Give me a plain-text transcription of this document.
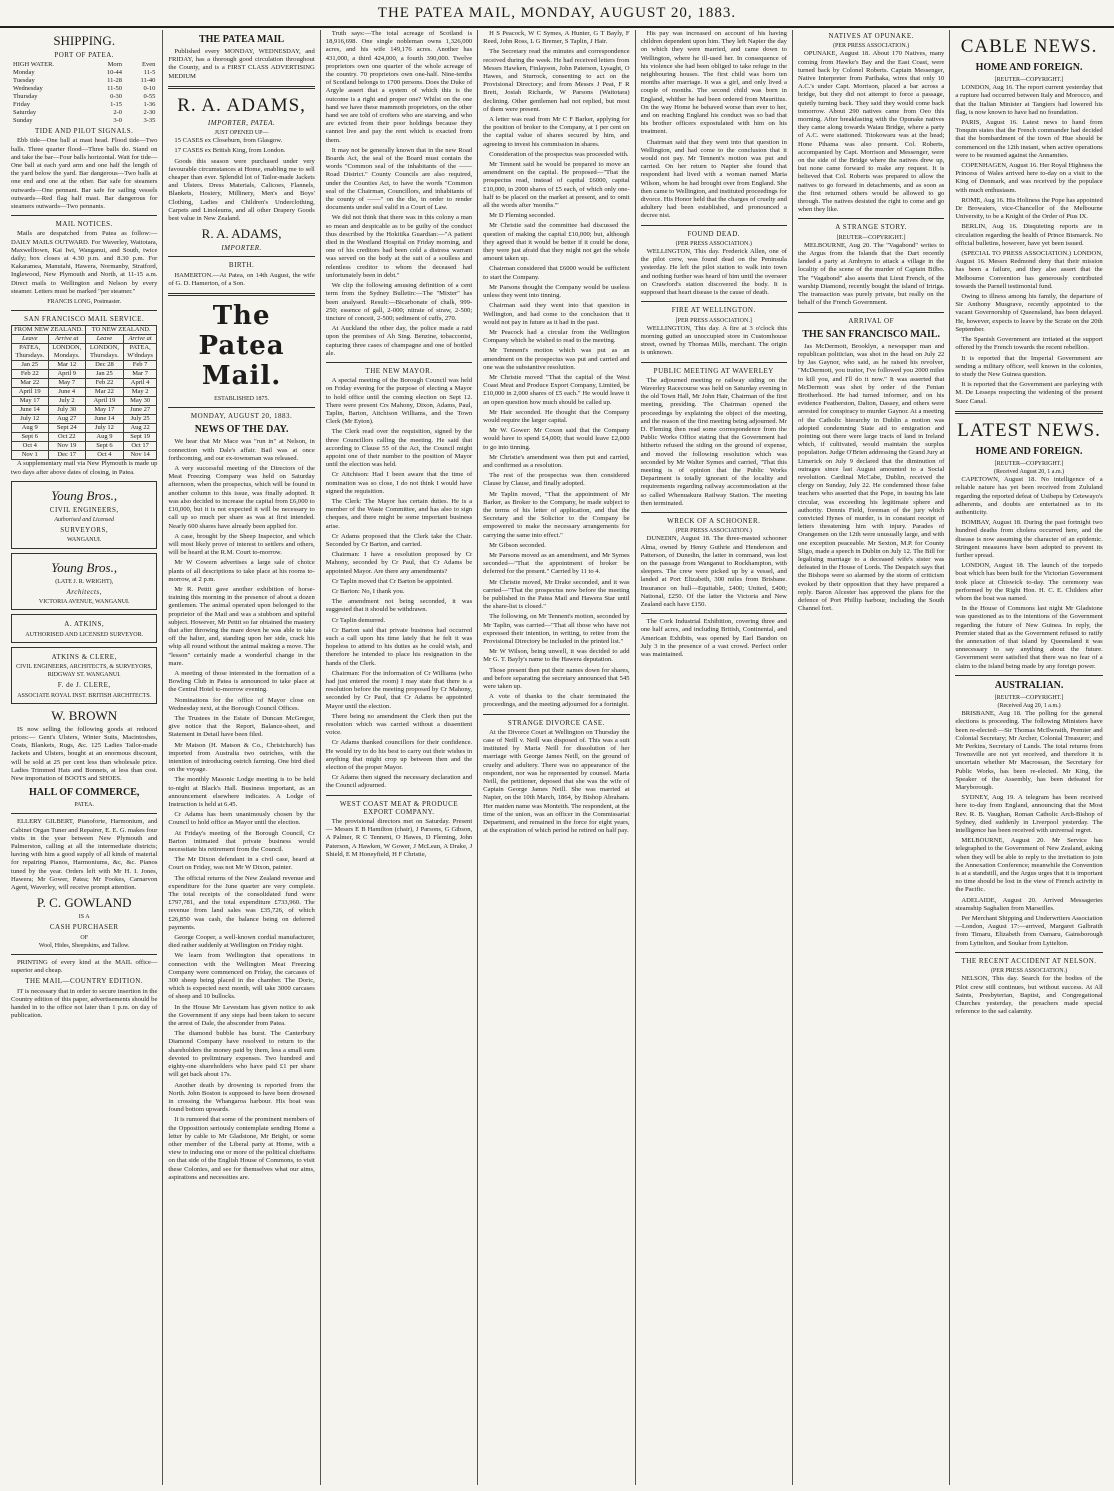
THE PATEA MAIL, MONDAY, AUGUST 20, 1883.
SHIPPING.
PORT OF PATEA.
HIGH WATER.	Morn	Even
Monday	10-44	11-5
Tuesday	11-28	11-40
Wednesday	11-50	0-10
Thursday	0-30	0-55
Friday	1-15	1-36
Saturday	2-0	2-30
Sunday	3-0	3-35
TIDE AND PILOT SIGNALS.

Ebb tide—One ball at mast head. Flood tide—Two balls. Three quarter flood—Three balls do. Stand on and take the bar—Four balls horizontal. Wait for tide—One ball at each yard arm and one half the length of the yard below the yard. Bar dangerous—Two balls at one end and one at the other. Bar safe for steamers outwards—One pennant. Bar safe for sailing vessels outwards—Red flag half mast. Bar dangerous for steamers outwards—Two pennants.

MAIL NOTICES.

Mails are despatched from Patea as follow:— DAILY MAILS OUTWARD. For Waverley, Waitotara, Maxwelltown, Kai Iwi, Wanganui, and South, twice daily; box closes at 4.30 p.m. and 8.30 p.m. For Kakaramea, Manutahi, Hawera, Normanby, Stratford, Inglewood, New Plymouth and North, at 11-15 a.m. Direct mails to Wellington and Nelson by every steamer. Letters must be marked "per steamer."

FRANCIS LONG, Postmaster.
SAN FRANCISCO MAIL SERVICE.
FROM NEW ZEALAND.		TO NEW ZEALAND.	
Leave	Arrive at	Leave	Arrive at
PATEA, Thursdays.	LONDON, Mondays.	LONDON, Thursdays.	PATEA, W'dndays
Jan 25	Mar 12	Dec 28	Feb 7
Feb 22	April 9	Jan 25	Mar 7
Mar 22	May 7	Feb 22	April 4
April 19	June 4	Mar 22	May 2
May 17	July 2	April 19	May 30
June 14	July 30	May 17	June 27
July 12	Aug 27	June 14	July 25
Aug 9	Sept 24	July 12	Aug 22
Sept 6	Oct 22	Aug 9	Sept 19
Oct 4	Nov 19	Sept 6	Oct 17
Nov 1	Dec 17	Oct 4	Nov 14

A supplementary mail via New Plymouth is made up two days after above dates of closing, in Patea.

Young Bros.,
CIVIL ENGINEERS,
Authorised and Licensed
SURVEYORS,
WANGANUI.
Young Bros.,
(LATE J. R. WRIGHT),
Architects,
VICTORIA AVENUE, WANGANUI.
A. ATKINS,
AUTHORISED AND LICENSED SURVEYOR.
ATKINS & CLERE,
CIVIL ENGINEERS, ARCHITECTS, & SURVEYORS,
RIDGWAY ST. WANGANUI.
F. de J. CLERE,
ASSOCIATE ROYAL INST. BRITISH ARCHITECTS.
W. BROWN

IS now selling the following goods at reduced prices:— Gent's Ulsters, Winter Suits, Macintoshes, Coats, Blankets, Rugs, &c. 125 Ladies Tailor-made Jackets and Ulsters, bought at an enormous discount, will be sold at 25 per cent less than wholesale price. Ladies Trimmed Hats and Bonnets, at less than cost. New importation of BOOTS and SHOES.

HALL OF COMMERCE,
PATEA.

ELLERY GILBERT, Pianoforte, Harmonium, and Cabinet Organ Tuner and Repairer, E. E. G. makes four visits in the year between New Plymouth and Palmerston, calling at all the intermediate districts; having with him a good supply of all kinds of material for repairing Pianos, Harmoniums, &c, &c. Pianos tuned by the year. Orders left with Mr H. I. Jones, Hawera; Mr Gower, Patea; Mr Fookes, Carnarvon Agent, Waverley, will receive prompt attention.

P. C. GOWLAND
IS A
CASH PURCHASER
OF
Wool, Hides, Sheepskins, and Tallow.

PRINTING of every kind at the MAIL office—superior and cheap.

THE MAIL—COUNTRY EDITION.

IT is necessary that in order to secure insertion in the Country edition of this paper, advertisements should be handed in to the office not later than 1 p.m. on day of publication.

THE PATEA MAIL

Published every MONDAY, WEDNESDAY, and FRIDAY, has a thorough good circulation throughout the County, and is a FIRST CLASS ADVERTISING MEDIUM

R. A. ADAMS,
IMPORTER, PATEA.
JUST OPENED UP—

15 CASES ex Closeburn, from Glasgow.

17 CASES ex British King, from London.

Goods this season were purchased under very favourable circumstances at Home, enabling me to sell cheaper than ever. Splendid lot of Tailor-made Jackets and Ulsters. Dress Materials, Calicoes, Flannels, Blankets, Hosiery, Millinery, Men's and Boys' Clothing, Ladies and Children's Underclothing, Carpets and Linoleums, and all other Drapery Goods best value in New Zealand.

R. A. ADAMS,
IMPORTER.
BIRTH.

HAMERTON.—At Patea, on 14th August, the wife of G. D. Hamerton, of a Son.

The Patea Mail.
ESTABLISHED 1875.
MONDAY, AUGUST 20, 1883.
NEWS OF THE DAY.

We hear that Mr Mace was "run in" at Nelson, in connection with Dale's affair. Bail was at once forthcoming, and our ex-townsman was released.

A very successful meeting of the Directors of the Meat Freezing Company was held on Saturday afternoon, when the prospectus, which will be found in another column to this issue, was finally adopted. It was also decided to increase the capital from £6,000 to £10,000, but it is not expected it will be necessary to call up so much per share as was at first intended. Nearly 600 shares have already been applied for.

A case, brought by the Sheep Inspector, and which will most likely prove of interest to settlers and others, will be heard at the R.M. Court to-morrow.

Mr W Cowern advertises a large sale of choice plants of all descriptions to take place at his rooms to-morrow, at 2 p.m.

Mr R. Pettit gave another exhibition of horse-training this morning in the presence of about a dozen gentlemen. The animal operated upon belonged to the proprietor of the Mail and was a stubborn and spiteful subject. However, Mr Pettit so far obtained the mastery that after throwing the mare down he was able to take off the halter, and, standing upon her side, crack his whip all round without the animal making a move. The "lesson" certainly made a wonderful change in the mare.

A meeting of those interested in the formation of a Bowling Club in Patea is announced to take place at the Central Hotel to-morrow evening.

Nominations for the office of Mayor close on Wednesday next, at the Borough Council Offices.

The Trustees in the Estate of Duncan McGregor, give notice that the Report, Balance-sheet, and Statement in Detail have been filed.

Mr Matson (H. Matson & Co., Christchurch) has imported from Australia two ostriches, with the intention of introducing ostrich farming. One bird died on the voyage.

The monthly Masonic Lodge meeting is to be held to-night at Black's Hall. Business important, as an announcement elsewhere indicates. A Lodge of Instruction is held at 6.45.

Cr Adams has been unanimously chosen by the Council to hold office as Mayor until the election.

At Friday's meeting of the Borough Council, Cr Barton intimated that private business would necessitate his retirement from the Council.

The Mr Dixon defendant in a civil case, heard at Court on Friday, was not Mr W Dixon, painter.

The official returns of the New Zealand revenue and expenditure for the June quarter are very complete. The total receipts of the consolidated fund were £797,781, and the total expenditure £733,960. The revenue from land sales was £35,726, of which £26,850 was cash, the balance being on deferred payments.

George Cooper, a well-known cordial manufacturer, died rather suddenly at Wellington on Friday night.

We learn from Wellington that operations in connection with the Wellington Meat Freezing Company were commenced on Friday, the carcases of 300 sheep being placed in the chamber. The Doric, which is expected next month, will take 3000 carcases of sheep and 10 bullocks.

In the House Mr Levestam has given notice to ask the Government if any steps had been taken to secure the arrest of Dale, the absconder from Patea.

The diamond bubble has burst. The Canterbury Diamond Company have resolved to return to the shareholders the money paid by them, less a small sum devoted to preliminary expenses. Two hundred and eighty-one shareholders who have paid £1 per share will get back about 17s.

Another death by drowning is reported from the North. John Boston is supposed to have been drowned in crossing the Whangaroa harbour. His boat was found bottom upwards.

It is rumored that some of the prominent members of the Opposition seriously contemplate sending Home a letter by cable to Mr Gladstone, Mr Bright, or some other member of the Liberal party at Home, with a view to inducing one or more of the political chieftains on that side of the English House of Commons, to visit these Colonies, and see for themselves what our aims, aspirations and necessities are.

Truth says:—The total acreage of Scotland is 18,916,698. One single nobleman owns 1,326,000 acres, and his wife 149,176 acres. Another has 431,000, a third 424,000, a fourth 390,000. Twelve proprietors own one quarter of the whole acreage of the country. 70 proprietors own one-half. Nine-tenths of Scotland belongs to 1700 persons. Does the Duke of Argyle assert that a system of which this is the outcome is a right and proper one? Whilst on the one hand we have these mammoth proprietors, on the other hand we are told of crofters who are starving, and who are evicted from their poor holdings because they cannot live and pay the rent which is exacted from them.

It may not be generally known that in the new Road Boards Act, the seal of the Board must contain the words "Common seal of the inhabitants of the —— Road District." County Councils are also required, under the Counties Act, to have the words "Common seal of the Chairman, Councillors, and inhabitants of the county of ——" on the die, in order to render documents under seal valid in a Court of Law.

We did not think that there was in this colony a man so mean and despicable as to be guilty of the conduct thus described by the Hokitika Guardian:—"A patient died in the Westland Hospital on Friday morning, and one of his creditors had been cold a distress warrant was served on the body at the suit of a soulless and relentless creditor to whom the deceased had unfortunately been in debt."

We clip the following amusing definition of a cent term from the Sydney Bulletin:—The "Mixter" has been analysed. Result:—Bicarbonate of chalk, 999-250; essence of gall, 2-000; nitrate of straw, 2-500; tincture of conceit, 2-500; sediment of cuffs, 270.

At Auckland the other day, the police made a raid upon the premises of Ah Sing. Benzine, tobacconist, capturing three cases of champagne and one of bottled ale.

THE NEW MAYOR.

A special meeting of the Borough Council was held on Friday evening for the purpose of electing a Mayor to hold office until the coming election on Sept 12. There were present Crs Mahony, Dixon, Adams, Paul, Taplin, Barton, Aitchison Williams, and the Town Clerk (Mr Eyton).

The Clerk read over the requisition, signed by the three Councillors calling the meeting. He said that according to Clause 55 of the Act, the Council might appoint one of their number to the position of Mayor until the election was held.

Cr Aitchison: Had I been aware that the time of nomination was so close, I do not think I would have signed the requisition.

The Clerk: The Mayor has certain duties. He is a member of the Waste Committee, and has also to sign cheques, and there might be some important business arise.

Cr Adams proposed that the Clerk take the Chair. Seconded by Cr Barton, and carried.

Chairman: I have a resolution proposed by Cr Mahony, seconded by Cr Paul, that Cr Adams be appointed Mayor. Are there any amendments?

Cr Taplin moved that Cr Barton be appointed.

Cr Barton: No, I thank you.

The amendment not being seconded, it was suggested that it should be withdrawn.

Cr Taplin demurred.

Cr Barton said that private business had occurred such a call upon his time lately that he felt it was hopeless to attend to his duties as he could wish, and therefore he intended to place his resignation in the hands of the Clerk.

Chairman: For the information of Cr Williams (who had just entered the room) I may state that there is a resolution before the meeting proposed by Cr Mahony, seconded by Cr Paul, that Cr Adams be appointed Mayor until the election.

There being no amendment the Clerk then put the resolution which was carried without a dissentient voice.

Cr Adams thanked councillors for their confidence. He would try to do his best to carry out their wishes in anything that might crop up between then and the election of the proper Mayor.

Cr Adams then signed the necessary declaration and the Council adjourned.

WEST COAST MEAT & PRODUCE EXPORT COMPANY.

The provisional directors met on Saturday. Present — Messrs E B Hamilton (chair), J Parsons, G Gibson, A Palmer, R C Tennent, O Hawes, D Fleming, John Paterson, A Hawken, W Gower, J McLean, A Drake, J Shield, E M Honeyfield, H F Christie,

H S Peacock, W C Symes, A Hunter, G T Bayly, F Reed, John Ross, L G Bremer, S Taplin, J Hair.

The Secretary read the minutes and correspondence received during the week. He had received letters from Messrs Hawken, Finlayson, John Paterson, Lysaght, O Hawes, and Sturrock, consenting to act on the Provisional Directory; and from Messrs J Peat, F R Brett, Josiah Richards, W Parsons (Waitotara) declining. Other gentlemen had not replied, but most of them were present.

A letter was read from Mr C F Barker, applying for the position of broker to the Company, at 1 per cent on the capital value of shares secured by him, and agreeing to invest his commission in shares.

Consideration of the prospectus was proceeded with.

Mr Tennent said he would be prepared to move an amendment on the capital. He proposed—"That the prospectus read, instead of capital £6000, capital £10,000, in 2000 shares of £5 each, of which only one-half to be placed on the market at present, and to omit all the words after 'months.'"

Mr D Fleming seconded.

Mr Christie said the committee had discussed the question of making the capital £10,000; but, although they agreed that it would be better if it could be done, they were just afraid that they might not get the whole amount taken up.

Chairman considered that £6000 would be sufficient to start the Company.

Mr Parsons thought the Company would be useless unless they went into tinning.

Chairman said they went into that question in Wellington, and had come to the conclusion that it would not pay in future as it had in the past.

Mr Peacock had a circular from the Wellington Company which he wished to read to the meeting.

Mr Tennent's motion which was put as an amendment on the prospectus was put and carried and one was the substantive resolution.

Mr Christie moved "That the capital of the West Coast Meat and Produce Export Company, Limited, be £10,000 in 2,000 shares of £5 each." He would leave it an open question how much should be called up.

Mr Hair seconded. He thought that the Company would require the larger capital.

Mr W. Gower: Mr Coxon said that the Company would have to spend £4,000; that would leave £2,000 to go into tinning.

Mr Christie's amendment was then put and carried, and confirmed as a resolution.

The rest of the prospectus was then considered Clause by Clause, and finally adopted.

Mr Taplin moved, "That the appointment of Mr Barker, as Broker to the Company, be made subject to the terms of his letter of application, and that the Secretary and the Solicitor to the Company be empowered to make the necessary arrangements for carrying the same into effect."

Mr Gibson seconded.

Mr Parsons moved as an amendment, and Mr Symes seconded—"That the appointment of broker be deferred for the present." Carried by 11 to 4.

Mr Christie moved, Mr Drake seconded, and it was carried—"That the prospectus now before the meeting be published in the Patea Mail and Hawera Star until the share-list is closed."

The following, on Mr Tennent's motion, seconded by Mr Taplin, was carried—"That all those who have not expressed their intention, in writing, to retire from the Provisional Directory be included in the printed list."

Mr W Wilson, being unwell, it was decided to add Mr G. T. Bayly's name to the Hawera deputation.

Those present then put their names down for shares, and before separating the secretary announced that 545 were taken up.

A vote of thanks to the chair terminated the proceedings, and the meeting adjourned for a fortnight.

STRANGE DIVORCE CASE.

At the Divorce Court at Wellington on Thursday the case of Neill v. Neill was disposed of. This was a suit instituted by Maria Neill for dissolution of her marriage with George James Neill, on the ground of cruelty and adultery. There was no appearance of the respondent, nor was he represented by counsel. Maria Neill, the petitioner, deposed that she was the wife of Captain George James Neill. She was married at Napier, on the 10th March, 1864, by Bishop Abraham. Her maiden name was Monteith. The respondent, at the time of the union, was an officer in the Commissariat Department, and remained in the force for eight years, at the expiration of which period he retired on half pay.

His pay was increased on account of his having children dependent upon him. They left Napier the day on which they were married, and came down to Wellington, where he ill-used her. In consequence of his violence she had been obliged to take refuge in the neighbouring houses. The first child was born ten months after marriage. It was a girl, and only lived a couple of months. The second child was born in England, whither he had been ordered from Mauritius. On the way Home he behaved worse than ever to her, and on reaching England his conduct was so bad that his brother officers expostulated with him on his treatment.

Chairman said that they went into that question in Wellington, and had come to the conclusion that it would not pay. Mr Tennent's motion was put and carried. On her return to Napier she found that respondent had lived with a woman named Maria Wilson, whom he had brought over from England. She then came to Wellington, and instituted proceedings for divorce. His Honor held that the charges of cruelty and adultery had been established, and pronounced a decree nisi.

FOUND DEAD.
(PER PRESS ASSOCIATION.)

WELLINGTON, This day. Frederick Allen, one of the pilot crew, was found dead on the Peninsula yesterday. He left the pilot station to walk into town and nothing further was heard of him until the overseer on Crawford's station discovered the body. It is supposed that heart disease is the cause of death.

FIRE AT WELLINGTON.
[PER PRESS ASSOCIATION.]

WELLINGTON, This day. A fire at 3 o'clock this morning gutted an unoccupied store in Customhouse street, owned by Thomas Mills, merchant. The origin is unknown.

PUBLIC MEETING AT WAVERLEY

The adjourned meeting re railway siding on the Waverley Racecourse was held on Saturday evening in the old Town Hall, Mr John Hair, Chairman of the first meeting, presiding. The Chairman opened the proceedings by explaining the object of the meeting, and the reason of the first meeting being adjourned. Mr D. Fleming then read some correspondence from the Public Works Office stating that the Government had hitherto refused the siding on the ground of expense, and moved the following resolution which was seconded by Mr Walter Symes and carried, "That this meeting is of opinion that the Public Works Department is totally ignorant of the locality and requirements regarding railway accommodation at the so called Whenuakura Railway Station. The meeting then terminated.

WRECK OF A SCHOONER.
(PER PRESS ASSOCIATION.)

DUNEDIN, August 18. The three-masted schooner Alma, owned by Henry Guthrie and Henderson and Patterson, of Dunedin, the latter in command, was lost on the passage from Wanganui to Rockhampton, with sleepers. The crew were picked up by a vessel, and landed at Port Elizabeth, 300 miles from Brisbane. Insurance on hull—Equitable, £400; United, £400; National, £250. Of the latter the Victoria and New Zealand each have £150.

The Cork Industrial Exhibition, covering three and one half acres, and including British, Continental, and American Exhibits, was opened by Earl Bandon on July 3 in the presence of a vast crowd. Perfect order was maintained.

NATIVES AT OPUNAKE.
(PER PRESS ASSOCIATION.)

OPUNAKE, August 18. About 170 Natives, many coming from Hawke's Bay and the East Coast, were turned back by Colonel Roberts. Captain Messenger, Native Interpreter from Parihaka, wires that only 10 A.C.'s under Capt. Morrison, placed a bar across a bridge, but they did not attempt to force a passage, quietly turning back. They said they would come back tomorrow. About 290 natives came from Oeo this morning. After breakfasting with the Opunake natives they came along towards Waiau Bridge, where a party of A.C. were stationed. Titokowaru was at the head; Hone Pihama was also present. Col. Roberts, accompanied by Capt. Morrison and Messenger, were on the side of the Bridge where the natives drew up, but none came forward to make any request. It is believed that Col. Roberts was prepared to allow the natives to go forward in detachments, and as soon as the first returned others would be allowed to go through. The natives desisted the right to come and go when they like.

A STRANGE STORY.
[REUTER—COPYRIGHT.]

MELBOURNE, Aug 20. The "Vagabond" writes to the Argus from the Islands that the Dart recently landed a party at Ambrym to attack a village in the locality of the scene of the murder of Captain Bilbo. The "Vagabond" also asserts that Lieut French, of the warship Diamond, recently bought the island of Iririga. The transaction was purely private, but really on the behalf of the French Government.

ARRIVAL OF
THE SAN FRANCISCO MAIL.

Jas McDermott, Brooklyn, a newspaper man and republican politician, was shot in the head on July 22 by Jas Gaynor, who said, as he raised his revolver, "McDermott, you traitor, I've followed you 2000 miles to kill you, and I'll do it now." It was asserted that McDermott was shot by order of the Fenian Brotherhood. He had turned informer, and on his evidence Featherston, Dalton, Dassey, and others were arrested for conspiracy to murder Gaynor. At a meeting of the Catholic hierarchy in Dublin a motion was adopted condemning State aid to emigration and pointing out there were large tracts of land in Ireland which, if cultivated, would maintain the surplus population. Judge O'Brien addressing the Grand Jury at Limerick on July 9 declared that the diminution of outrages since last August amounted to a Social revolution. Cardinal McCabe, Dublin, received the clergy on Sunday, July 22. He condemned those false teachers who asserted that the Pope, in issuing his late circular, was exceeding his legitimate sphere and authority. Dennis Field, foreman of the jury which convicted Hynes of murder, is in constant receipt of letters threatening him with injury. Parades of Orangemen on the 12th were unusually large, and with one exception peaceable. Mr Sexton, M.P. for County Sligo, made a speech in Dublin on July 12. The Bill for legalising marriage to a deceased wife's sister was defeated in the House of Lords. The Despatch says that the Bishops were so alarmed by the storm of criticism evoked by their opposition that they have prepared a reply. Baron Alcester has approved the plans for the defence of Port Phillip harbour, including the South Channel fort.

CABLE NEWS.
HOME AND FOREIGN.
[REUTER—COPYRIGHT.]

LONDON, Aug 16. The report current yesterday that a rupture had occurred between Italy and Morocco, and that the Italian Minister at Tangiers had lowered his flag, is now known to have had no foundation.

PARIS, August 16. Latest news to hand from Tonquin states that the French commander had decided that the bombardment of the town of Hue should be commenced on the 12th instant, when active operations were to be resumed against the Annamites.

COPENHAGEN, August 16. Her Royal Highness the Princess of Wales arrived here to-day on a visit to the King of Denmark, and was received by the populace with much enthusiasm.

ROME, Aug 16. His Holiness the Pope has appointed Dr Browaiers, vice-Chancellor of the Melbourne University, to be a Knight of the Order of Pius IX.

BERLIN, Aug 16. Disquieting reports are in circulation regarding the health of Prince Bismarck. No official bulletins, however, have yet been issued.

(SPECIAL TO PRESS ASSOCIATION.) LONDON, August 16. Messrs Redmond deny that their mission has been a failure, and they also assert that the Melbourne Convention has generously contributed towards the Parnell testimonial fund.

Owing to illness among his family, the departure of Sir Anthony Musgrave, recently appointed to the vacant Governorship of Queensland, has been delayed. He, however, expects to leave by the Scrate on the 20th September.

The Spanish Government are irritated at the support offered by the French towards the recent rebellion.

It is reported that the Imperial Government are sending a military officer, well known in the colonies, to study the New Guinea question.

It is reported that the Government are parleying with M. De Lesseps respecting the widening of the present Suez Canal.

LATEST NEWS.
HOME AND FOREIGN.
[REUTER—COPYRIGHT.]
(Received August 20, 1 a.m.)

CAPETOWN, August 18. No intelligence of a reliable nature has yet been received from Zululand regarding the reported defeat of Usibepu by Cetewayo's adherents, and doubts are entertained as to its authenticity.

BOMBAY, August 18. During the past fortnight two hundred deaths from cholera occurred here, and the disease is now assuming the character of an epidemic. Stringent measures have been adopted to prevent its further spread.

LONDON, August 18. The launch of the torpedo boat which has been built for the Victorian Government took place at Chiswick to-day. The ceremony was performed by the Right Hon. H. C. E. Childers after whom the boat was named.

In the House of Commons last night Mr Gladstone was questioned as to the intentions of the Government regarding the future of New Guinea. In reply, the Premier stated that as the Government refused to ratify the annexation of that island by Queensland it was unnecessary to say anything about the future. Government were satisfied that there was no fear of a claim to the island being made by any foreign power.

AUSTRALIAN.
[REUTER—COPYRIGHT.]
(Received Aug 20, 1 a.m.)

BRISBANE, Aug 18. The polling for the general elections is proceeding. The following Ministers have been re-elected:—Sir Thomas McIlwraith, Premier and Colonial Secretary; Mr Archer, Colonial Treasurer; and Mr Perkins, Secretary of Lands. The total returns from Townsville are not yet received, and therefore it is uncertain whether Mr Macrossan, the Secretary for Public Works, has been re-elected. Mr King, the Speaker of the Assembly, has been defeated for Maryborough.

SYDNEY, Aug 19. A telegram has been received here to-day from England, announcing that the Most Rev. R. B. Vaughan, Roman Catholic Arch-Bishop of Sydney, died suddenly in Liverpool yesterday. The intelligence has been received with universal regret.

MELBOURNE, August 20. Mr Service has telegraphed to the Government of New Zealand, asking when they will be able to reply to the invitation to join the Annexation Conference; meanwhile the Convention is at a standstill, and the Argus urges that it is important no time should be lost in the view of French activity in the Pacific.

ADELAIDE, August 20. Arrived Messageries steamship Saghalien from Marseilles.

Per Merchant Shipping and Underwriters Association—London, August 17:—arrived, Margaret Galbraith from Timaru, Elizabeth from Oamaru, Gainsborough from Lyttelton, and Soukar from Lyttelton.

THE RECENT ACCIDENT AT NELSON.
(PER PRESS ASSOCIATION.)

NELSON, This day. Search for the bodies of the Pilot crew still continues, but without success. At All Saints, Presbyterian, Baptist, and Congregational Churches yesterday, the preachers made special reference to the sad calamity.
